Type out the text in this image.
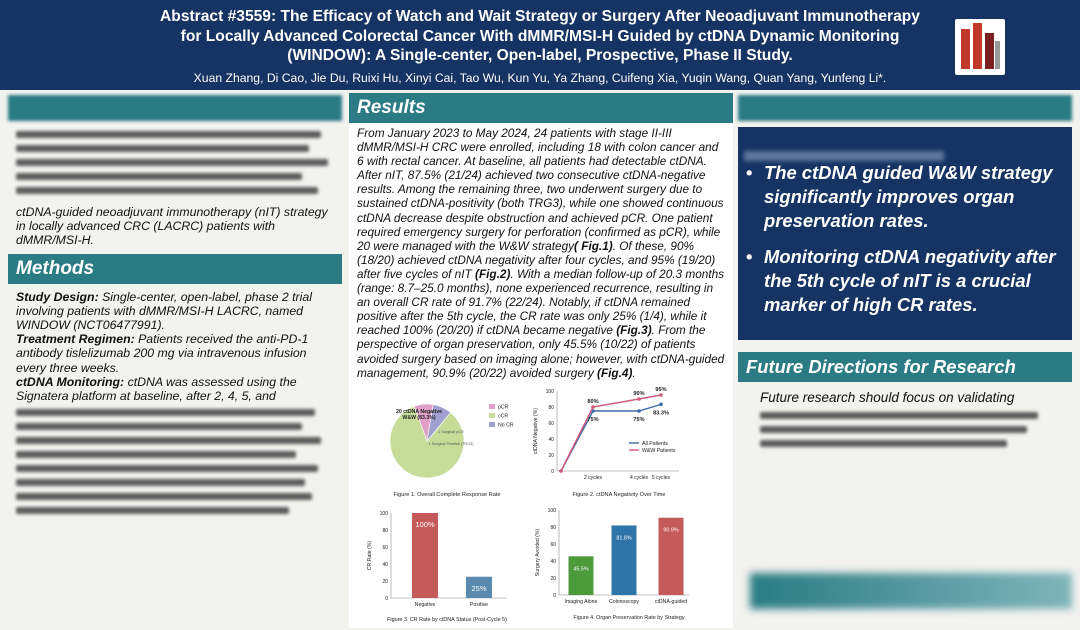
Abstract #3559: The Efficacy of Watch and Wait Strategy or Surgery After Neoadjuvant Immunotherapy
for Locally Advanced Colorectal Cancer With dMMR/MSI-H Guided by ctDNA Dynamic Monitoring
(WINDOW): A Single-center, Open-label, Prospective, Phase II Study.
Xuan Zhang, Di Cao, Jie Du, Ruixi Hu, Xinyi Cai, Tao Wu, Kun Yu, Ya Zhang, Cuifeng Xia, Yuqin Wang, Quan Yang, Yunfeng Li*.
ctDNA-guided neoadjuvant immunotherapy (nIT) strategy in locally advanced CRC (LACRC) patients with dMMR/MSI-H.
Methods

Study Design: Single-center, open-label, phase 2 trial involving patients with dMMR/MSI-H LACRC, named WINDOW (NCT06477991).

Treatment Regimen: Patients received the anti-PD-1 antibody tislelizumab 200 mg via intravenous infusion every three weeks.

ctDNA Monitoring: ctDNA was assessed using the Signatera platform at baseline, after 2, 4, 5, and

Results
From January 2023 to May 2024, 24 patients with stage II-III dMMR/MSI-H CRC were enrolled, including 18 with colon cancer and 6 with rectal cancer. At baseline, all patients had detectable ctDNA. After nIT, 87.5% (21/24) achieved two consecutive ctDNA-negative results. Among the remaining three, two underwent surgery due to sustained ctDNA-positivity (both TRG3), while one showed continuous ctDNA decrease despite obstruction and achieved pCR. One patient required emergency surgery for perforation (confirmed as pCR), while 20 were managed with the W&W strategy( Fig.1). Of these, 90% (18/20) achieved ctDNA negativity after four cycles, and 95% (19/20) after five cycles of nIT (Fig.2). With a median follow-up of 20.3 months (range: 8.7–25.0 months), none experienced recurrence, resulting in an overall CR rate of 91.7% (22/24). Notably, if ctDNA remained positive after the 5th cycle, the CR rate was only 25% (1/4), while it reached 100% (20/20) if ctDNA became negative (Fig.3). From the perspective of organ preservation, only 45.5% (10/22) of patients avoided surgery based on imaging alone; however, with ctDNA-guided management, 90.9% (20/22) avoided surgery (Fig.4).
20 ctDNA Negative
W&W (83.3%)
2 Surgical pCR
1 Surgical Positive (TRG3)
pCR
cCR
No CR
Figure 1. Overall Complete Response Rate
0
20
40
60
80
100
2 cycles	4 cycles 5 cycles
ctDNA Negative (%)	75%	75%
83.3%
All Patients
80%
90%
95%
W&W Patients
Figure 2. ctDNA Negativity Over Time
0
20
40
60
80
100
CR Rate (%)
100%
Negative
25%
Positive
Figure 3. CR Rate by ctDNA Status (Post-Cycle 5)
0
20
40
60
80
100
Surgery Avoided (%)	45.5%
Imaging Alone
81.8%
Colonoscopy
90.9%
ctDNA-guided
Figure 4. Organ Preservation Rate by Strategy
• The ctDNA guided W&W strategy significantly improves organ preservation rates.
• Monitoring ctDNA negativity after the 5th cycle of nIT is a crucial marker of high CR rates.
Future Directions for Research
Future research should focus on validating
